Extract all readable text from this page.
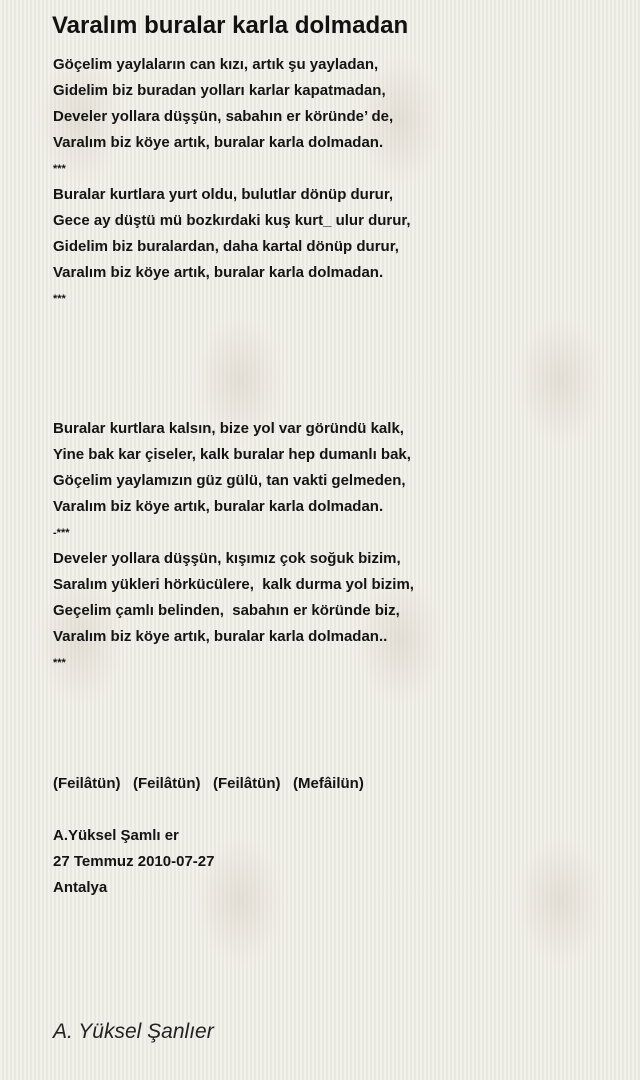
Varalım buralar karla dolmadan
Göçelim yaylaların can kızı, artık şu yayladan,
Gidelim biz buradan yolları karlar kapatmadan,
Develer yollara düşşün, sabahın er köründe’ de,
Varalım biz köye artık, buralar karla dolmadan.
***
Buralar kurtlara yurt oldu, bulutlar dönüp durur,
Gece ay düştü mü bozkırdaki kuş kurt_ ulur durur,
Gidelim biz buralardan, daha kartal dönüp durur,
Varalım biz köye artık, buralar karla dolmadan.
***
Buralar kurtlara kalsın, bize yol var göründü kalk,
Yine bak kar çiseler, kalk buralar hep dumanlı bak,
Göçelim yaylamızın güz gülü, tan vakti gelmeden,
Varalım biz köye artık, buralar karla dolmadan.
-***
Develer yollara düşşün, kışımız çok soğuk bizim,
Saralım yükleri hörkücülere,  kalk durma yol bizim,
Geçelim çamlı belinden,  sabahın er köründe biz,
Varalım biz köye artık, buralar karla dolmadan..
***
(Feilâtün)   (Feilâtün)   (Feilâtün)   (Mefâilün)
A.Yüksel Şamlı er
27 Temmuz 2010-07-27
Antalya
A. Yüksel Şanlıer
